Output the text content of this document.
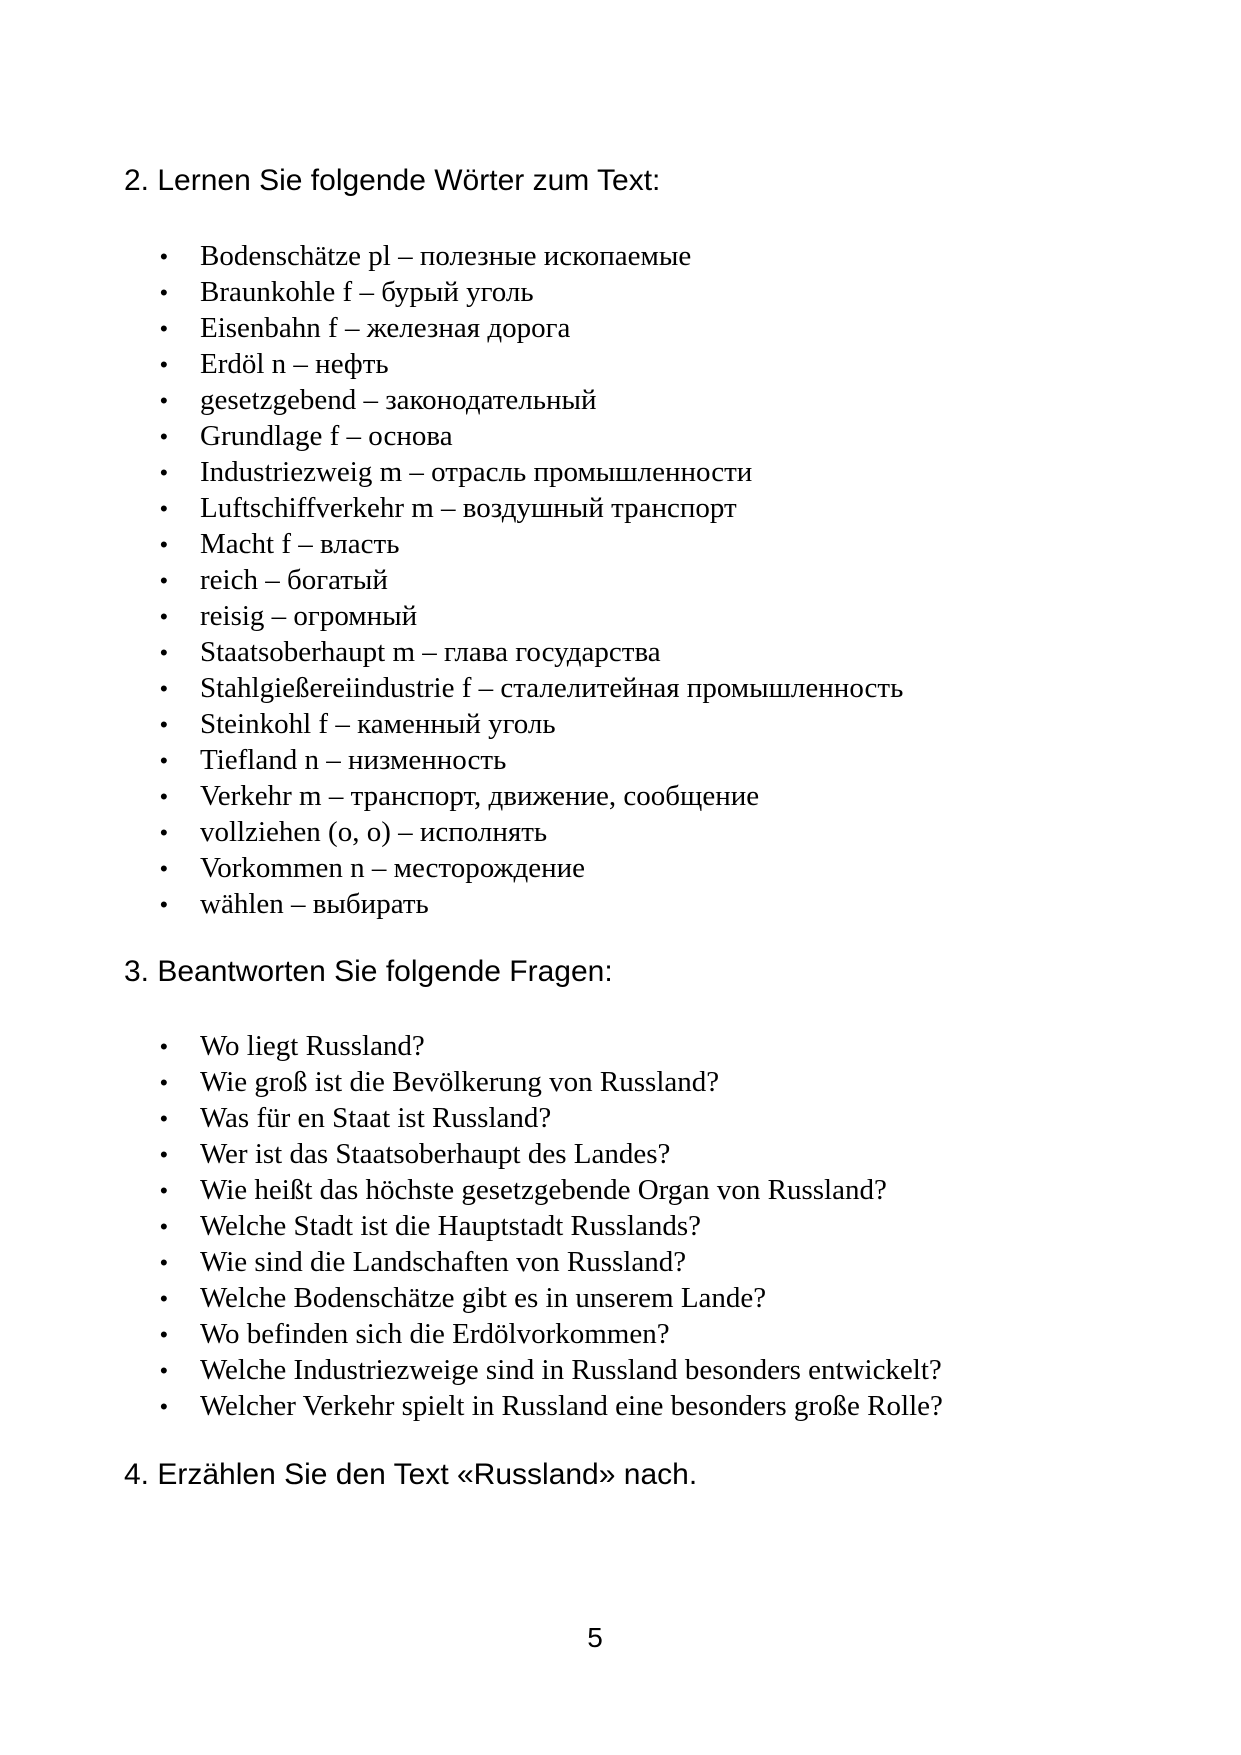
2. Lernen Sie folgende Wörter zum Text:
• Bodenschätze pl – полезные ископаемые
• Braunkohle f – бурый уголь
• Eisenbahn f – железная дорога
• Erdöl n – нефть
• gesetzgebend – законодательный
• Grundlage f – основа
• Industriezweig m – отрасль промышленности
• Luftschiffverkehr m – воздушный транспорт
• Macht f – власть
• reich – богатый
• reisig – огромный
• Staatsoberhaupt m – глава государства
• Stahlgießereiindustrie f – сталелитейная промышленность
• Steinkohl f – каменный уголь
• Tiefland n – низменность
• Verkehr m – транспорт, движение, сообщение
• vollziehen (o, o) – исполнять
• Vorkommen n – месторождение
• wählen – выбирать
3. Beantworten Sie folgende Fragen:
• Wo liegt Russland?
• Wie groß ist die Bevölkerung von Russland?
• Was für en Staat ist Russland?
• Wer ist das Staatsoberhaupt des Landes?
• Wie heißt das höchste gesetzgebende Organ von Russland?
• Welche Stadt ist die Hauptstadt Russlands?
• Wie sind die Landschaften von Russland?
• Welche Bodenschätze gibt es in unserem Lande?
• Wo befinden sich die Erdölvorkommen?
• Welche Industriezweige sind in Russland besonders entwickelt?
• Welcher Verkehr spielt in Russland eine besonders große Rolle?
4. Erzählen Sie den Text «Russland» nach.
5
